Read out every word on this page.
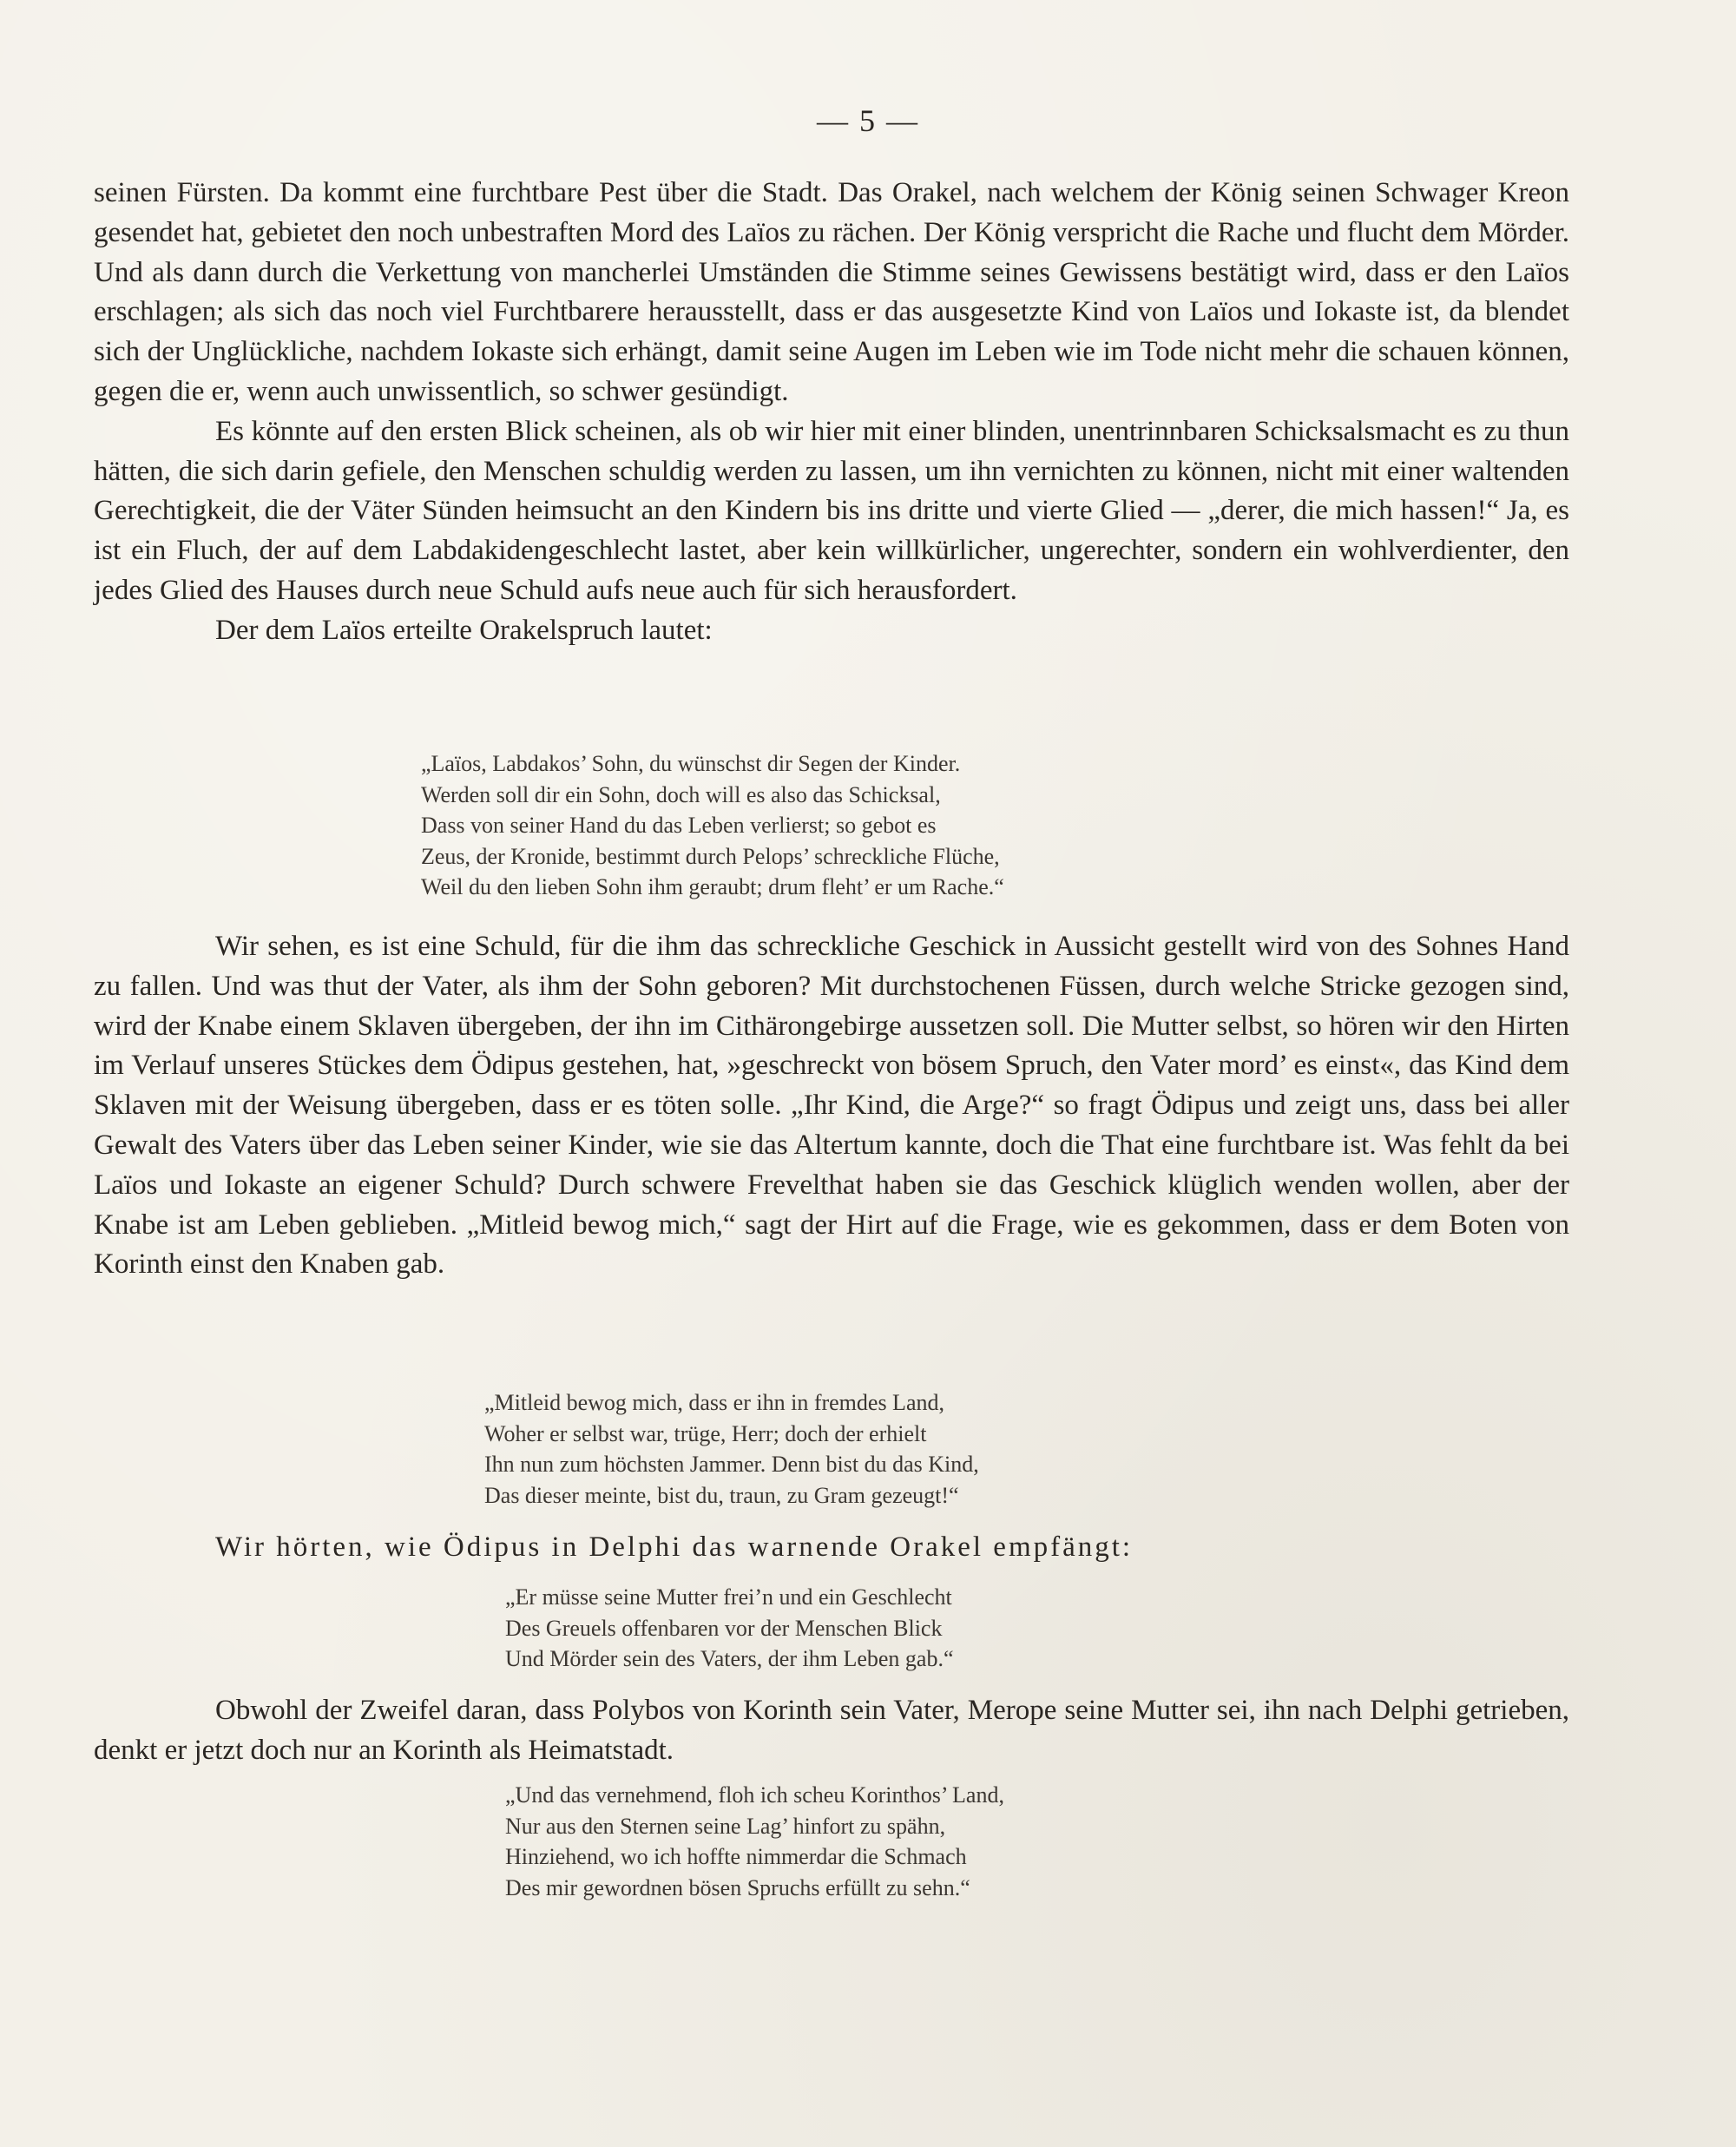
— 5 —

seinen Fürsten. Da kommt eine furchtbare Pest über die Stadt. Das Orakel, nach welchem der König seinen Schwager Kreon gesendet hat, gebietet den noch unbestraften Mord des Laïos zu rächen. Der König verspricht die Rache und flucht dem Mörder. Und als dann durch die Verkettung von mancherlei Umständen die Stimme seines Gewissens bestätigt wird, dass er den Laïos erschlagen; als sich das noch viel Furchtbarere herausstellt, dass er das ausgesetzte Kind von Laïos und Iokaste ist, da blendet sich der Unglückliche, nachdem Iokaste sich erhängt, damit seine Augen im Leben wie im Tode nicht mehr die schauen können, gegen die er, wenn auch unwissentlich, so schwer gesündigt.

Es könnte auf den ersten Blick scheinen, als ob wir hier mit einer blinden, unentrinnbaren Schicksalsmacht es zu thun hätten, die sich darin gefiele, den Menschen schuldig werden zu lassen, um ihn vernichten zu können, nicht mit einer waltenden Gerechtigkeit, die der Väter Sünden heimsucht an den Kindern bis ins dritte und vierte Glied — „derer, die mich hassen!“ Ja, es ist ein Fluch, der auf dem Labdakidengeschlecht lastet, aber kein willkürlicher, ungerechter, sondern ein wohlverdienter, den jedes Glied des Hauses durch neue Schuld aufs neue auch für sich herausfordert.

Der dem Laïos erteilte Orakelspruch lautet:

„Laïos, Labdakos’ Sohn, du wünschst dir Segen der Kinder.
Werden soll dir ein Sohn, doch will es also das Schicksal,
Dass von seiner Hand du das Leben verlierst; so gebot es
Zeus, der Kronide, bestimmt durch Pelops’ schreckliche Flüche,
Weil du den lieben Sohn ihm geraubt; drum fleht’ er um Rache.“

Wir sehen, es ist eine Schuld, für die ihm das schreckliche Geschick in Aussicht gestellt wird von des Sohnes Hand zu fallen. Und was thut der Vater, als ihm der Sohn geboren? Mit durchstochenen Füssen, durch welche Stricke gezogen sind, wird der Knabe einem Sklaven übergeben, der ihn im Cithärongebirge aussetzen soll. Die Mutter selbst, so hören wir den Hirten im Verlauf unseres Stückes dem Ödipus gestehen, hat, »geschreckt von bösem Spruch, den Vater mord’ es einst«, das Kind dem Sklaven mit der Weisung übergeben, dass er es töten solle. „Ihr Kind, die Arge?“ so fragt Ödipus und zeigt uns, dass bei aller Gewalt des Vaters über das Leben seiner Kinder, wie sie das Altertum kannte, doch die That eine furchtbare ist. Was fehlt da bei Laïos und Iokaste an eigener Schuld? Durch schwere Frevelthat haben sie das Geschick klüglich wenden wollen, aber der Knabe ist am Leben geblieben. „Mitleid bewog mich,“ sagt der Hirt auf die Frage, wie es gekommen, dass er dem Boten von Korinth einst den Knaben gab.

„Mitleid bewog mich, dass er ihn in fremdes Land,
Woher er selbst war, trüge, Herr; doch der erhielt
Ihn nun zum höchsten Jammer. Denn bist du das Kind,
Das dieser meinte, bist du, traun, zu Gram gezeugt!“

Wir hörten, wie Ödipus in Delphi das warnende Orakel empfängt:

„Er müsse seine Mutter frei’n und ein Geschlecht
Des Greuels offenbaren vor der Menschen Blick
Und Mörder sein des Vaters, der ihm Leben gab.“

Obwohl der Zweifel daran, dass Polybos von Korinth sein Vater, Merope seine Mutter sei, ihn nach Delphi getrieben, denkt er jetzt doch nur an Korinth als Heimatstadt.

„Und das vernehmend, floh ich scheu Korinthos’ Land,
Nur aus den Sternen seine Lag’ hinfort zu spähn,
Hinziehend, wo ich hoffte nimmerdar die Schmach
Des mir gewordnen bösen Spruchs erfüllt zu sehn.“
